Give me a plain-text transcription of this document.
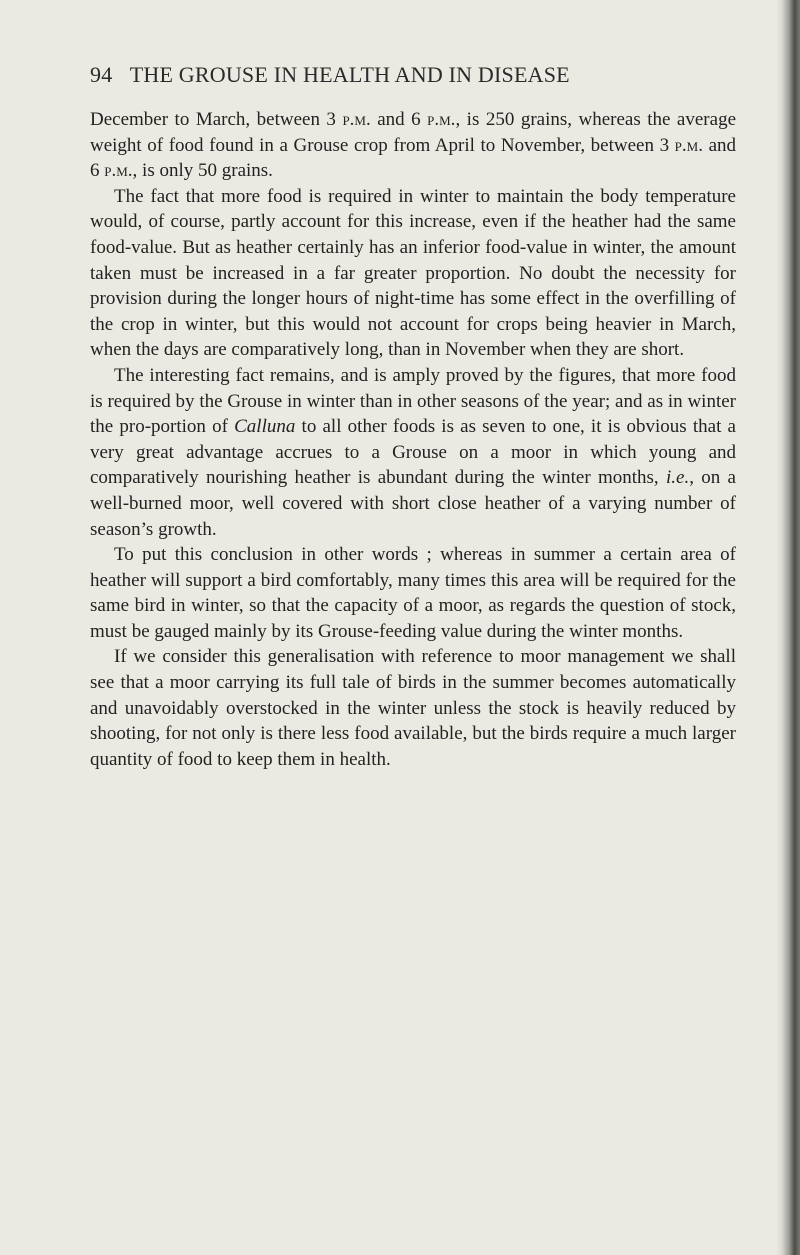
94 THE GROUSE IN HEALTH AND IN DISEASE

December to March, between 3 p.m. and 6 p.m., is 250 grains, whereas the average weight of food found in a Grouse crop from April to November, between 3 p.m. and 6 p.m., is only 50 grains.

The fact that more food is required in winter to maintain the body temperature would, of course, partly account for this increase, even if the heather had the same food-value. But as heather certainly has an inferior food-value in winter, the amount taken must be increased in a far greater proportion. No doubt the necessity for provision during the longer hours of night-time has some effect in the overfilling of the crop in winter, but this would not account for crops being heavier in March, when the days are comparatively long, than in November when they are short.

The interesting fact remains, and is amply proved by the figures, that more food is required by the Grouse in winter than in other seasons of the year; and as in winter the pro-portion of Calluna to all other foods is as seven to one, it is obvious that a very great advantage accrues to a Grouse on a moor in which young and comparatively nourishing heather is abundant during the winter months, i.e., on a well-burned moor, well covered with short close heather of a varying number of season’s growth.

To put this conclusion in other words ; whereas in summer a certain area of heather will support a bird comfortably, many times this area will be required for the same bird in winter, so that the capacity of a moor, as regards the question of stock, must be gauged mainly by its Grouse-feeding value during the winter months.

If we consider this generalisation with reference to moor management we shall see that a moor carrying its full tale of birds in the summer becomes automatically and unavoidably overstocked in the winter unless the stock is heavily reduced by shooting, for not only is there less food available, but the birds require a much larger quantity of food to keep them in health.
